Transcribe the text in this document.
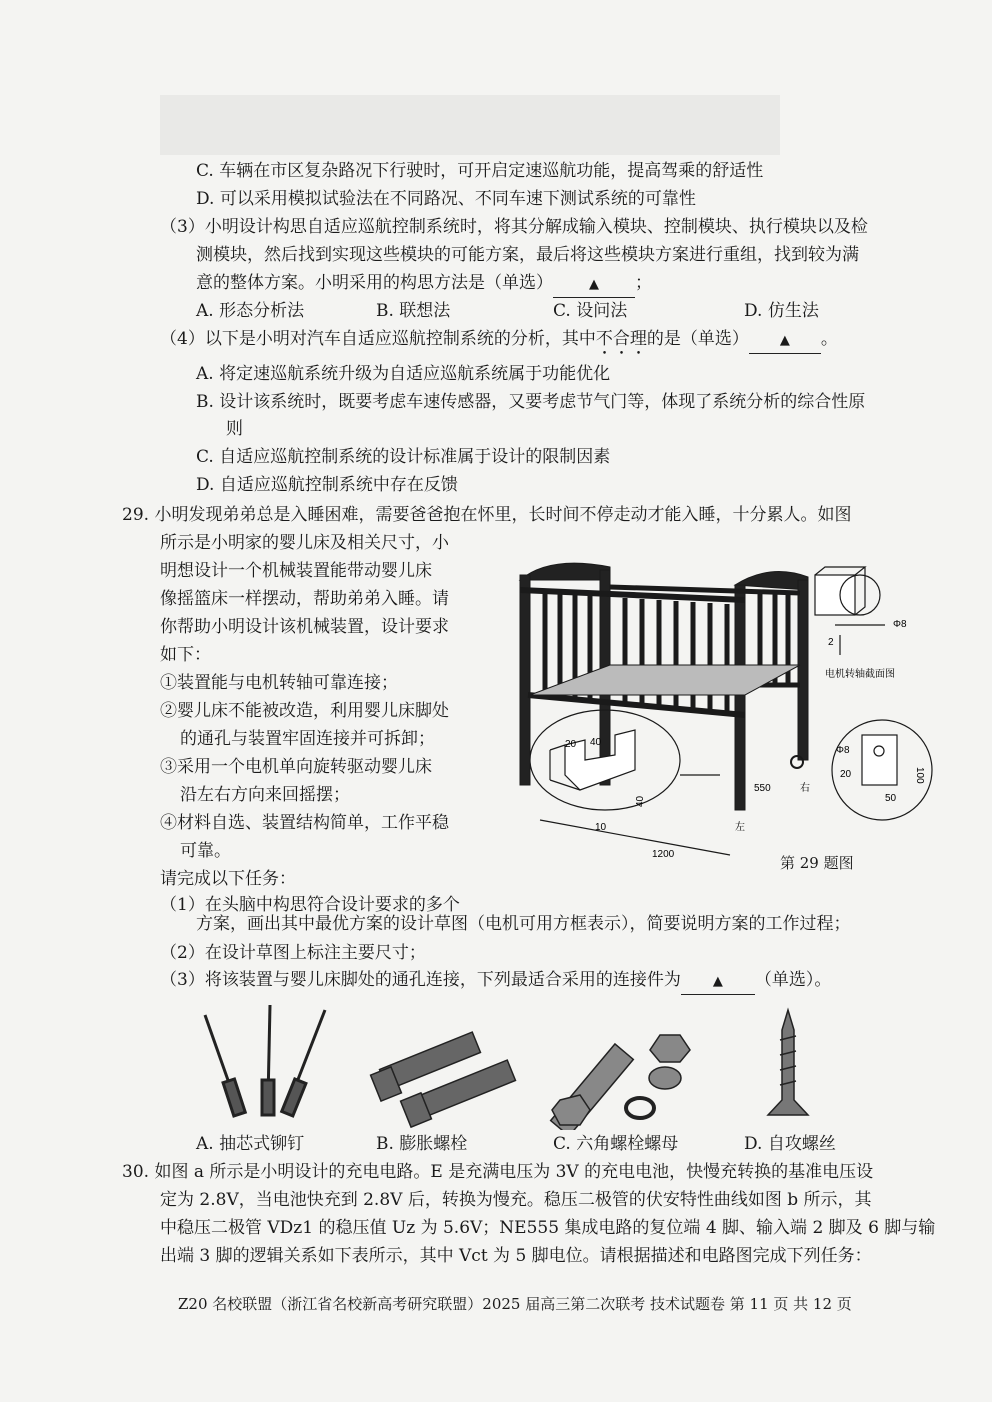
C. 车辆在市区复杂路况下行驶时，可开启定速巡航功能，提高驾乘的舒适性
D. 可以采用模拟试验法在不同路况、不同车速下测试系统的可靠性
（3）小明设计构思自适应巡航控制系统时，将其分解成输入模块、控制模块、执行模块以及检
测模块，然后找到实现这些模块的可能方案，最后将这些模块方案进行重组，找到较为满
意的整体方案。小明采用的构思方法是（单选）	▲ ；
A. 形态分析法	B. 联想法	C. 设问法	D. 仿生法
（4）以下是小明对汽车自适应巡航控制系统的分析，其中不合理的是（单选） ▲ 。
A. 将定速巡航系统升级为自适应巡航系统属于功能优化
B. 设计该系统时，既要考虑车速传感器，又要考虑节气门等，体现了系统分析的综合性原
则
C. 自适应巡航控制系统的设计标准属于设计的限制因素
D. 自适应巡航控制系统中存在反馈
29. 小明发现弟弟总是入睡困难，需要爸爸抱在怀里，长时间不停走动才能入睡，十分累人。如图
所示是小明家的婴儿床及相关尺寸，小
明想设计一个机械装置能带动婴儿床
像摇篮床一样摆动，帮助弟弟入睡。请
你帮助小明设计该机械装置，设计要求
如下：
①装置能与电机转轴可靠连接；
②婴儿床不能被改造，利用婴儿床脚处
的通孔与装置牢固连接并可拆卸；
③采用一个电机单向旋转驱动婴儿床
沿左右方向来回摇摆；
④材料自选、装置结构简单，工作平稳
可靠。
请完成以下任务：
（1）在头脑中构思符合设计要求的多个
20 40
40
10
1200
550	右
左
Φ8
2
电机转轴截面图
Φ8
20	100
50
第 29 题图
方案，画出其中最优方案的设计草图（电机可用方框表示），简要说明方案的工作过程；
（2）在设计草图上标注主要尺寸；
（3）将该装置与婴儿床脚处的通孔连接，下列最适合采用的连接件为 ▲ （单选）。
A. 抽芯式铆钉	B. 膨胀螺栓	C. 六角螺栓螺母	D. 自攻螺丝
30. 如图 a 所示是小明设计的充电电路。E 是充满电压为 3V 的充电电池，快慢充转换的基准电压设
定为 2.8V，当电池快充到 2.8V 后，转换为慢充。稳压二极管的伏安特性曲线如图 b 所示，其
中稳压二极管 VDz1 的稳压值 Uz 为 5.6V；NE555 集成电路的复位端 4 脚、输入端 2 脚及 6 脚与输
出端 3 脚的逻辑关系如下表所示，其中 Vct 为 5 脚电位。请根据描述和电路图完成下列任务：
Z20 名校联盟（浙江省名校新高考研究联盟）2025 届高三第二次联考 技术试题卷 第 11 页 共 12 页
